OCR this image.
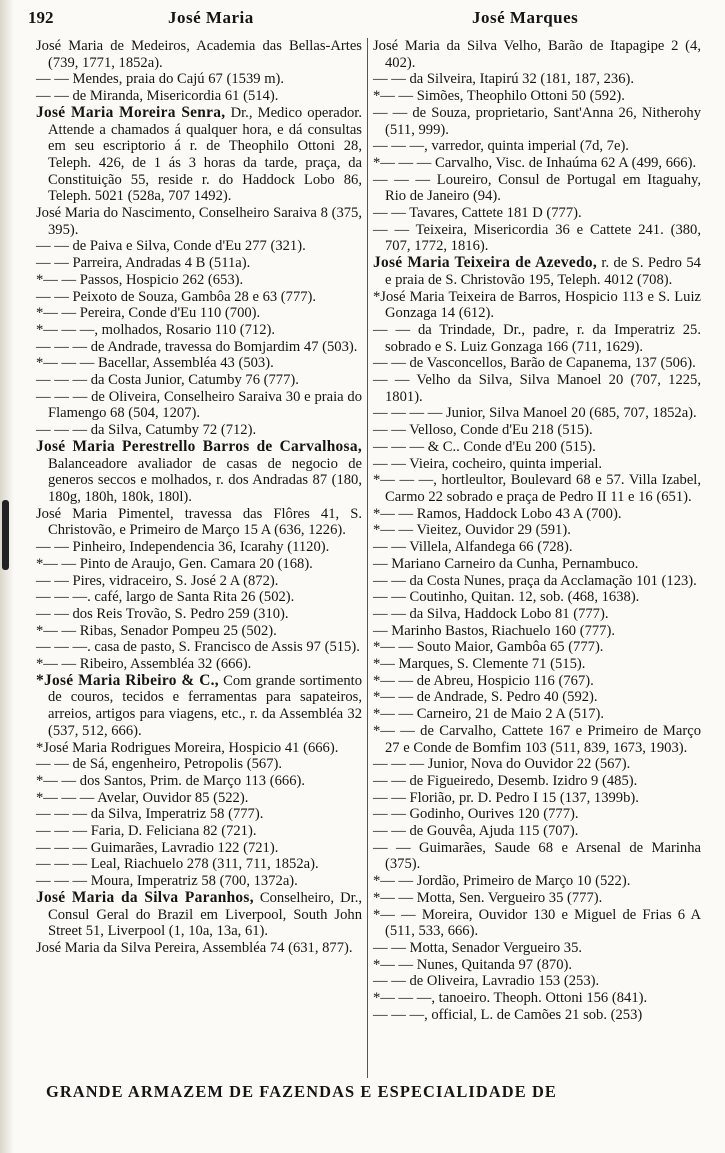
192	José Maria	José Marques

José Maria de Medeiros, Academia das Bellas-Artes (739, 1771, 1852a).

— — Mendes, praia do Cajú 67 (1539 m).

— — de Miranda, Misericordia 61 (514).

José Maria Moreira Senra, Dr., Medico operador. Attende a chamados á qualquer hora, e dá consultas em seu escriptorio á r. de Theophilo Ottoni 28, Teleph. 426, de 1 ás 3 horas da tarde, praça, da Constituição 55, reside r. do Haddock Lobo 86, Teleph. 5021 (528a, 707 1492).

José Maria do Nascimento, Conselheiro Saraiva 8 (375, 395).

— — de Paiva e Silva, Conde d'Eu 277 (321).

— — Parreira, Andradas 4 B (511a).

*— — Passos, Hospicio 262 (653).

— — Peixoto de Souza, Gambôa 28 e 63 (777).

*— — Pereira, Conde d'Eu 110 (700).

*— — —, molhados, Rosario 110 (712).

— — — de Andrade, travessa do Bomjardim 47 (503).

*— — — Bacellar, Assembléa 43 (503).

— — — da Costa Junior, Catumby 76 (777).

— — — de Oliveira, Conselheiro Saraiva 30 e praia do Flamengo 68 (504, 1207).

— — — da Silva, Catumby 72 (712).

José Maria Perestrello Barros de Carvalhosa, Balanceadore avaliador de casas de negocio de generos seccos e molhados, r. dos Andradas 87 (180, 180g, 180h, 180k, 180l).

José Maria Pimentel, travessa das Flôres 41, S. Christovão, e Primeiro de Março 15 A (636, 1226).

— — Pinheiro, Independencia 36, Icarahy (1120).

*— — Pinto de Araujo, Gen. Camara 20 (168).

— — Pires, vidraceiro, S. José 2 A (872).

— — —. café, largo de Santa Rita 26 (502).

— — dos Reis Trovão, S. Pedro 259 (310).

*— — Ribas, Senador Pompeu 25 (502).

— — —. casa de pasto, S. Francisco de Assis 97 (515).

*— — Ribeiro, Assembléa 32 (666).

*José Maria Ribeiro & C., Com grande sortimento de couros, tecidos e ferramentas para sapateiros, arreios, artigos para viagens, etc., r. da Assembléa 32 (537, 512, 666).

*José Maria Rodrigues Moreira, Hospicio 41 (666).

— — de Sá, engenheiro, Petropolis (567).

*— — dos Santos, Prim. de Março 113 (666).

*— — — Avelar, Ouvidor 85 (522).

— — — da Silva, Imperatriz 58 (777).

— — — Faria, D. Feliciana 82 (721).

— — — Guimarães, Lavradio 122 (721).

— — — Leal, Riachuelo 278 (311, 711, 1852a).

— — — Moura, Imperatriz 58 (700, 1372a).

José Maria da Silva Paranhos, Conselheiro, Dr., Consul Geral do Brazil em Liverpool, South John Street 51, Liverpool (1, 10a, 13a, 61).

José Maria da Silva Pereira, Assembléa 74 (631, 877).

José Maria da Silva Velho, Barão de Itapagipe 2 (4, 402).

— — da Silveira, Itapirú 32 (181, 187, 236).

*— — Simões, Theophilo Ottoni 50 (592).

— — de Souza, proprietario, Sant'Anna 26, Nitherohy (511, 999).

— — —, varredor, quinta imperial (7d, 7e).

*— — — Carvalho, Visc. de Inhaúma 62 A (499, 666).

— — — Loureiro, Consul de Portugal em Itaguahy, Rio de Janeiro (94).

— — Tavares, Cattete 181 D (777).

— — Teixeira, Misericordia 36 e Cattete 241. (380, 707, 1772, 1816).

José Maria Teixeira de Azevedo, r. de S. Pedro 54 e praia de S. Christovão 195, Teleph. 4012 (708).

*José Maria Teixeira de Barros, Hospicio 113 e S. Luiz Gonzaga 14 (612).

— — da Trindade, Dr., padre, r. da Imperatriz 25. sobrado e S. Luiz Gonzaga 166 (711, 1629).

— — de Vasconcellos, Barão de Capanema, 137 (506).

— — Velho da Silva, Silva Manoel 20 (707, 1225, 1801).

— — — — Junior, Silva Manoel 20 (685, 707, 1852a).

— — Velloso, Conde d'Eu 218 (515).

— — — & C.. Conde d'Eu 200 (515).

— — Vieira, cocheiro, quinta imperial.

*— — —, hortleultor, Boulevard 68 e 57. Villa Izabel, Carmo 22 sobrado e praça de Pedro II 11 e 16 (651).

*— — Ramos, Haddock Lobo 43 A (700).

*— — Vieitez, Ouvidor 29 (591).

— — Villela, Alfandega 66 (728).

— Mariano Carneiro da Cunha, Pernambuco.

— — da Costa Nunes, praça da Acclamação 101 (123).

— — Coutinho, Quitan. 12, sob. (468, 1638).

— — da Silva, Haddock Lobo 81 (777).

— Marinho Bastos, Riachuelo 160 (777).

*— — Souto Maior, Gambôa 65 (777).

*— Marques, S. Clemente 71 (515).

*— — de Abreu, Hospicio 116 (767).

*— — de Andrade, S. Pedro 40 (592).

*— — Carneiro, 21 de Maio 2 A (517).

*— — de Carvalho, Cattete 167 e Primeiro de Março 27 e Conde de Bomfim 103 (511, 839, 1673, 1903).

— — — Junior, Nova do Ouvidor 22 (567).

— — de Figueiredo, Desemb. Izidro 9 (485).

— — Florião, pr. D. Pedro I 15 (137, 1399b).

— — Godinho, Ourives 120 (777).

— — de Gouvêa, Ajuda 115 (707).

— — Guimarães, Saude 68 e Arsenal de Marinha (375).

*— — Jordão, Primeiro de Março 10 (522).

*— — Motta, Sen. Vergueiro 35 (777).

*— — Moreira, Ouvidor 130 e Miguel de Frias 6 A (511, 533, 666).

— — Motta, Senador Vergueiro 35.

*— — Nunes, Quitanda 97 (870).

— — de Oliveira, Lavradio 153 (253).

*— — —, tanoeiro. Theoph. Ottoni 156 (841).

— — —, official, L. de Camões 21 sob. (253)

GRANDE ARMAZEM DE FAZENDAS E ESPECIALIDADE DE
